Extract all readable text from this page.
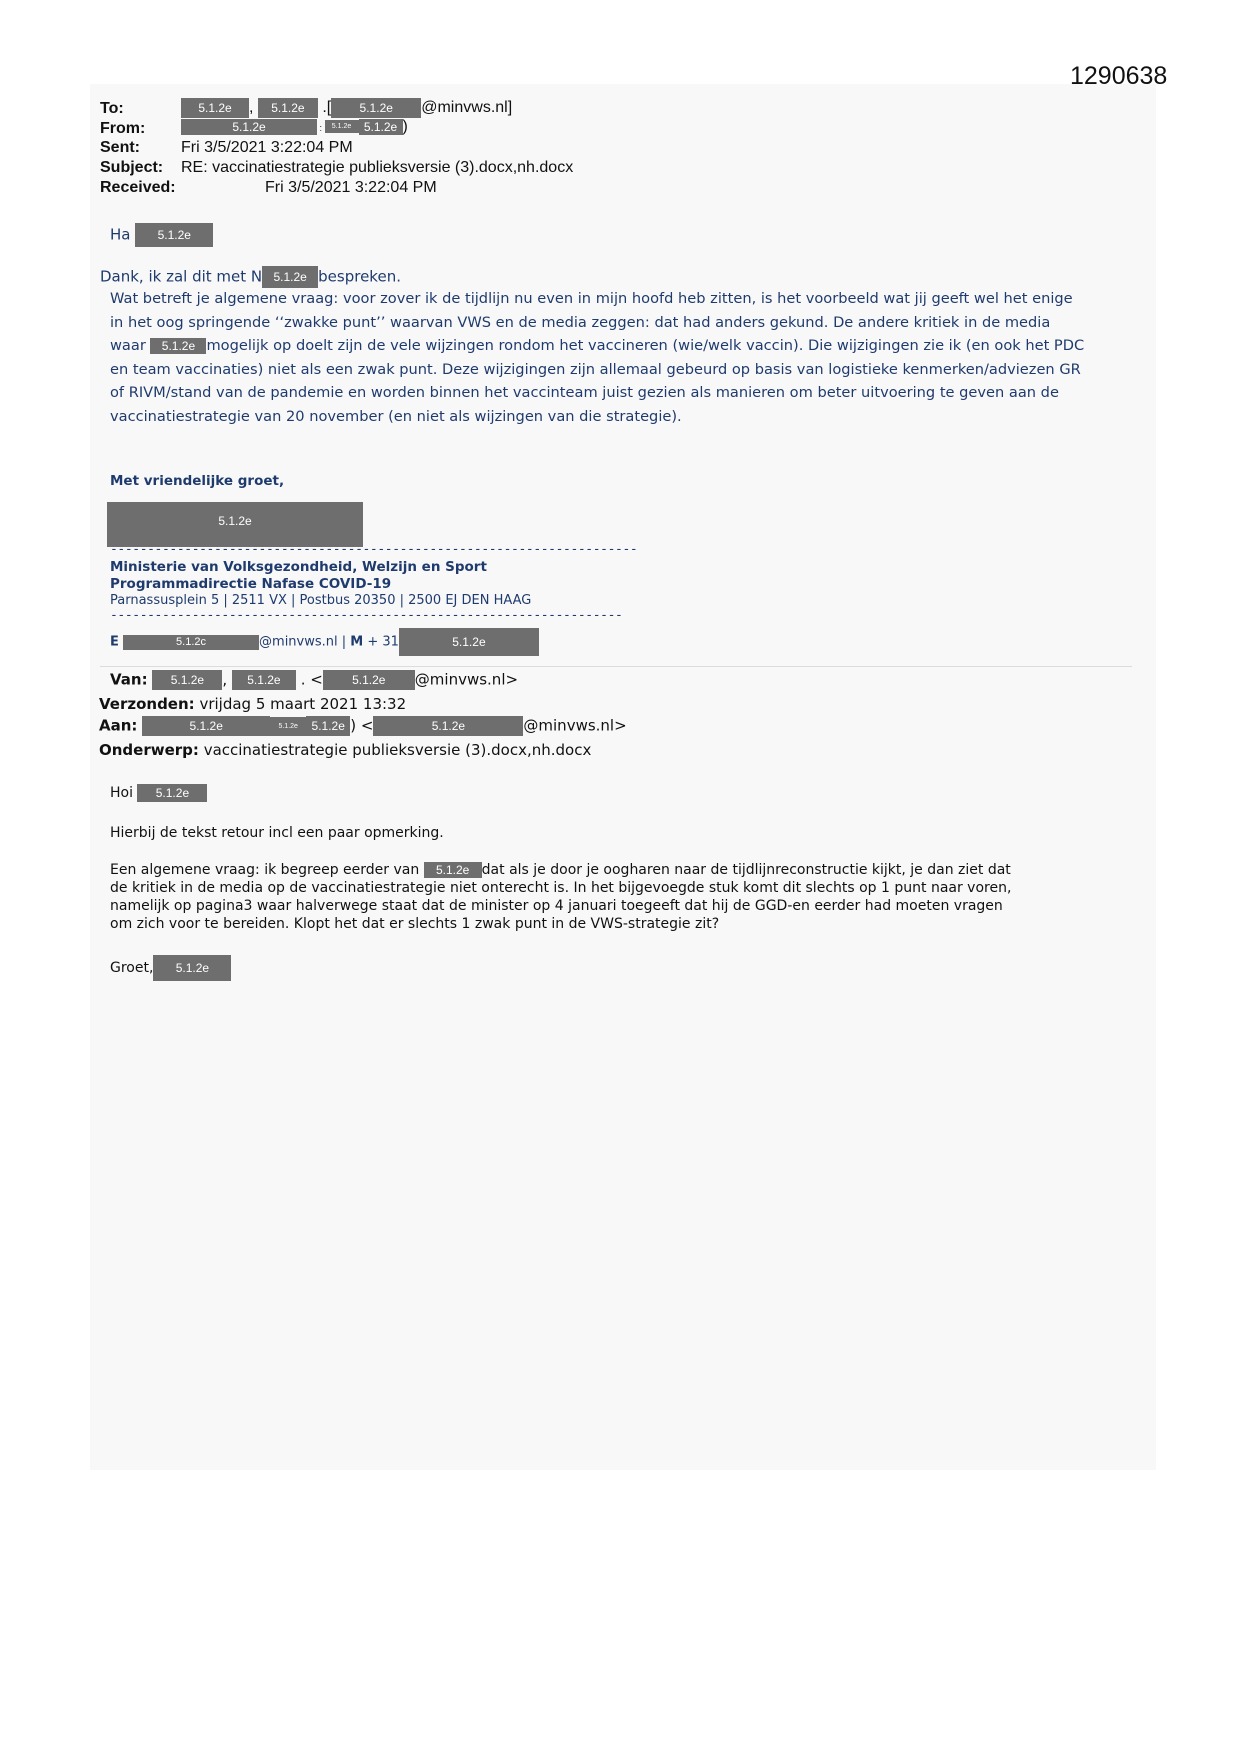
1290638
To:	5.1.2e , 5.1.2e .[ 5.1.2e @minvws.nl]
From:	5.1.2e	: 5.1.2e 5.1.2e )
Sent:	Fri 3/5/2021 3:22:04 PM
Subject: RE: vaccinatiestrategie publieksversie (3).docx,nh.docx
Received:	Fri 3/5/2021 3:22:04 PM
Ha 5.1.2e
Dank, ik zal dit met N 5.1.2e bespreken.
Wat betreft je algemene vraag: voor zover ik de tijdlijn nu even in mijn hoofd heb zitten, is het voorbeeld wat jij geeft wel het enige
in het oog springende ‘‘zwakke punt’’ waarvan VWS en de media zeggen: dat had anders gekund. De andere kritiek in de media
waar 5.1.2e mogelijk op doelt zijn de vele wijzingen rondom het vaccineren (wie/welk vaccin). Die wijzigingen zie ik (en ook het PDC
en team vaccinaties) niet als een zwak punt. Deze wijzigingen zijn allemaal gebeurd op basis van logistieke kenmerken/adviezen GR
of RIVM/stand van de pandemie en worden binnen het vaccinteam juist gezien als manieren om beter uitvoering te geven aan de
vaccinatiestrategie van 20 november (en niet als wijzingen van die strategie).
Met vriendelijke groet,
5.1.2e
-----------------------------------------------------------------------
Ministerie van Volksgezondheid, Welzijn en Sport
Programmadirectie Nafase COVID-19
Parnassusplein 5 | 2511 VX | Postbus 20350 | 2500 EJ DEN HAAG
---------------------------------------------------------------------
E	5.1.2c	@minvws.nl | M + 31	5.1.2e
Van: 5.1.2e , 5.1.2e . < 5.1.2e @minvws.nl>
Verzonden: vrijdag 5 maart 2021 13:32
Aan:	5.1.2e	5.1.2e 5.1.2e ) <	5.1.2e	@minvws.nl>
Onderwerp: vaccinatiestrategie publieksversie (3).docx,nh.docx
Hoi 5.1.2e
Hierbij de tekst retour incl een paar opmerking.
Een algemene vraag: ik begreep eerder van 5.1.2e dat als je door je oogharen naar de tijdlijnreconstructie kijkt, je dan ziet dat
de kritiek in de media op de vaccinatiestrategie niet onterecht is. In het bijgevoegde stuk komt dit slechts op 1 punt naar voren,
namelijk op pagina3 waar halverwege staat dat de minister op 4 januari toegeeft dat hij de GGD-en eerder had moeten vragen
om zich voor te bereiden. Klopt het dat er slechts 1 zwak punt in de VWS-strategie zit?
Groet, 5.1.2e
